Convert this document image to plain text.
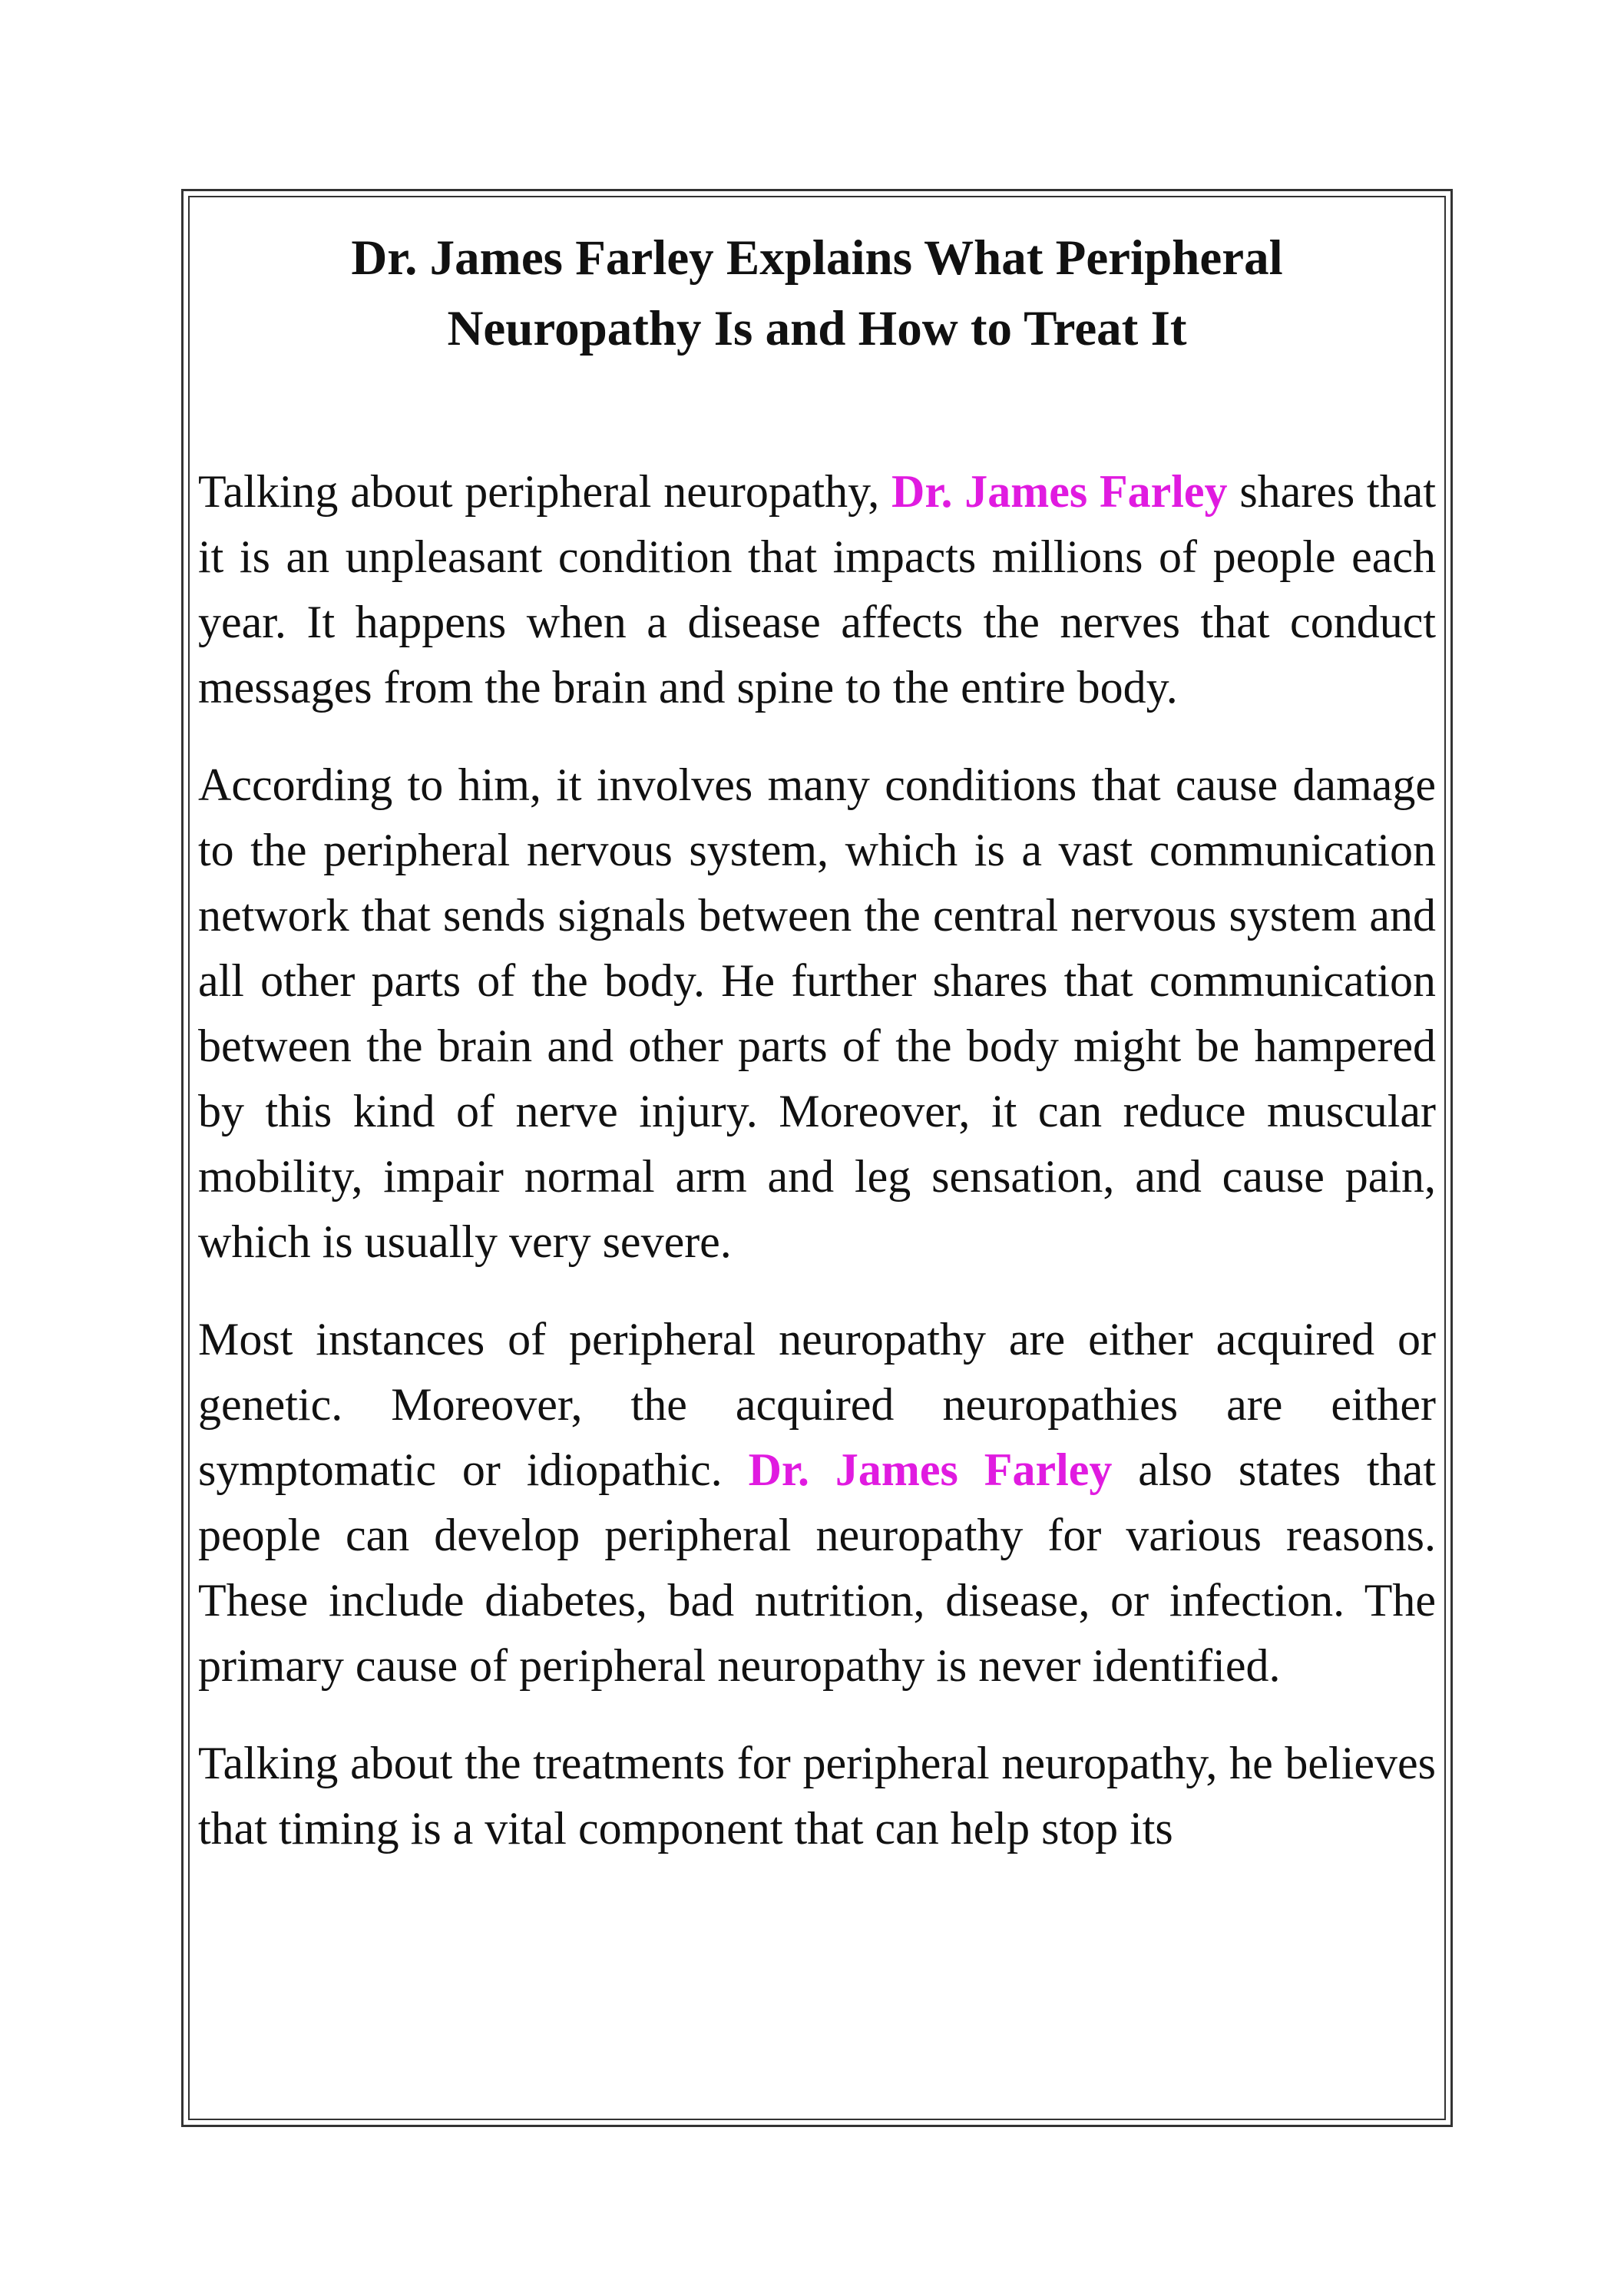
Dr. James Farley Explains What Peripheral
Neuropathy Is and How to Treat It

Talking about peripheral neuropathy, Dr. James Farley shares that it is an unpleasant condition that impacts millions of people each year. It happens when a disease affects the nerves that conduct messages from the brain and spine to the entire body.

According to him, it involves many conditions that cause damage to the peripheral nervous system, which is a vast communication network that sends signals between the central nervous system and all other parts of the body. He further shares that communication between the brain and other parts of the body might be hampered by this kind of nerve injury. Moreover, it can reduce muscular mobility, impair normal arm and leg sensation, and cause pain, which is usually very severe.

Most instances of peripheral neuropathy are either acquired or genetic. Moreover, the acquired neuropathies are either symptomatic or idiopathic. Dr. James Farley also states that people can develop peripheral neuropathy for various reasons. These include diabetes, bad nutrition, disease, or infection. The primary cause of peripheral neuropathy is never identified.

Talking about the treatments for peripheral neuropathy, he believes that timing is a vital component that can help stop its
